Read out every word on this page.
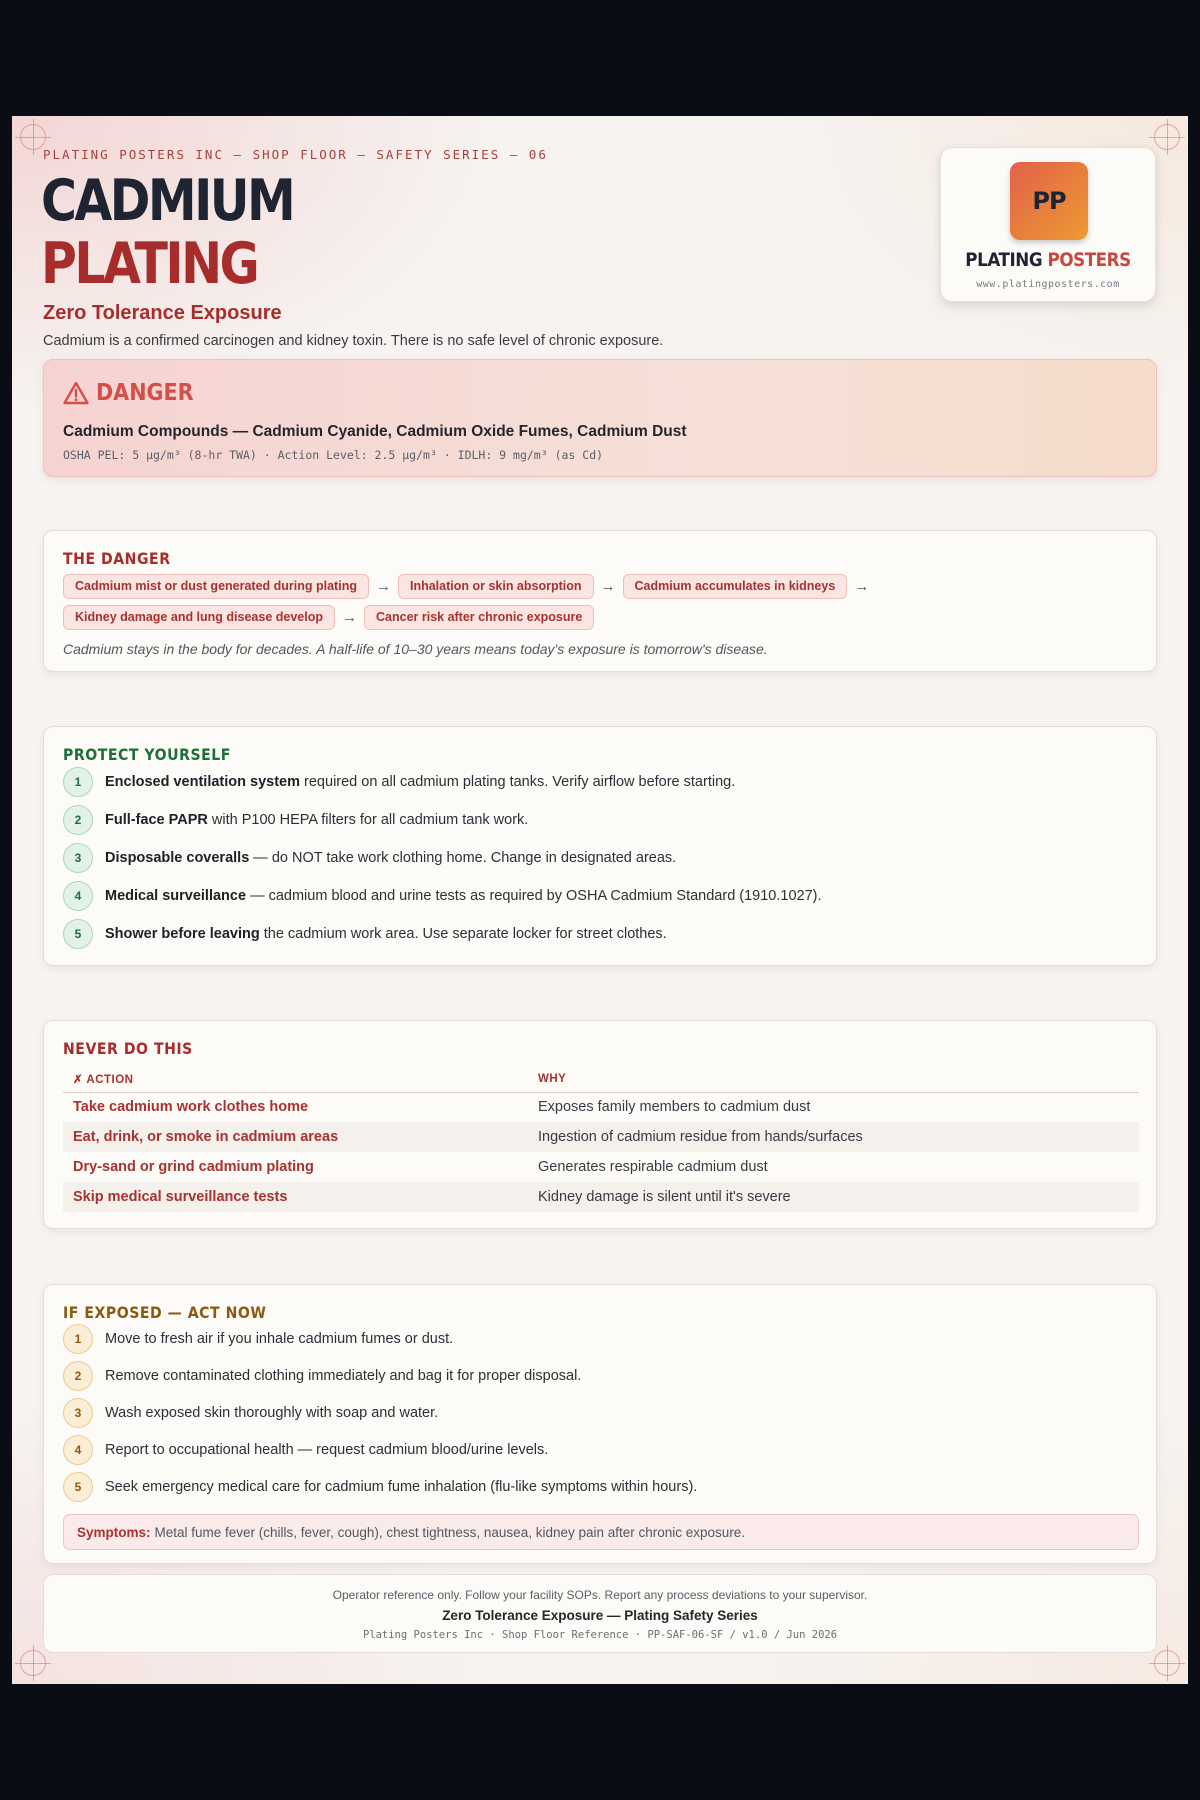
PLATING POSTERS INC — SHOP FLOOR — SAFETY SERIES — 06
CADMIUM
PLATING
Zero Tolerance Exposure
Cadmium is a confirmed carcinogen and kidney toxin. There is no safe level of chronic exposure.
PP
PLATING POSTERS
www.platingposters.com
DANGER
Cadmium Compounds — Cadmium Cyanide, Cadmium Oxide Fumes, Cadmium Dust
OSHA PEL: 5 µg/m³ (8-hr TWA) · Action Level: 2.5 µg/m³ · IDLH: 9 mg/m³ (as Cd)
THE DANGER
Cadmium mist or dust generated during plating	→	Inhalation or skin absorption	→	Cadmium accumulates in kidneys	→
Kidney damage and lung disease develop	→	Cancer risk after chronic exposure
Cadmium stays in the body for decades. A half-life of 10–30 years means today's exposure is tomorrow's disease.
PROTECT YOURSELF
1	Enclosed ventilation system required on all cadmium plating tanks. Verify airflow before starting.
2	Full-face PAPR with P100 HEPA filters for all cadmium tank work.
3	Disposable coveralls — do NOT take work clothing home. Change in designated areas.
4	Medical surveillance — cadmium blood and urine tests as required by OSHA Cadmium Standard (1910.1027).
5	Shower before leaving the cadmium work area. Use separate locker for street clothes.
NEVER DO THIS
✗ ACTION	WHY
Take cadmium work clothes home	Exposes family members to cadmium dust
Eat, drink, or smoke in cadmium areas	Ingestion of cadmium residue from hands/surfaces
Dry-sand or grind cadmium plating	Generates respirable cadmium dust
Skip medical surveillance tests	Kidney damage is silent until it's severe
IF EXPOSED — ACT NOW
1	Move to fresh air if you inhale cadmium fumes or dust.
2	Remove contaminated clothing immediately and bag it for proper disposal.
3	Wash exposed skin thoroughly with soap and water.
4	Report to occupational health — request cadmium blood/urine levels.
5	Seek emergency medical care for cadmium fume inhalation (flu-like symptoms within hours).
Symptoms: Metal fume fever (chills, fever, cough), chest tightness, nausea, kidney pain after chronic exposure.
Operator reference only. Follow your facility SOPs. Report any process deviations to your supervisor.
Zero Tolerance Exposure — Plating Safety Series
Plating Posters Inc · Shop Floor Reference · PP-SAF-06-SF / v1.0 / Jun 2026
